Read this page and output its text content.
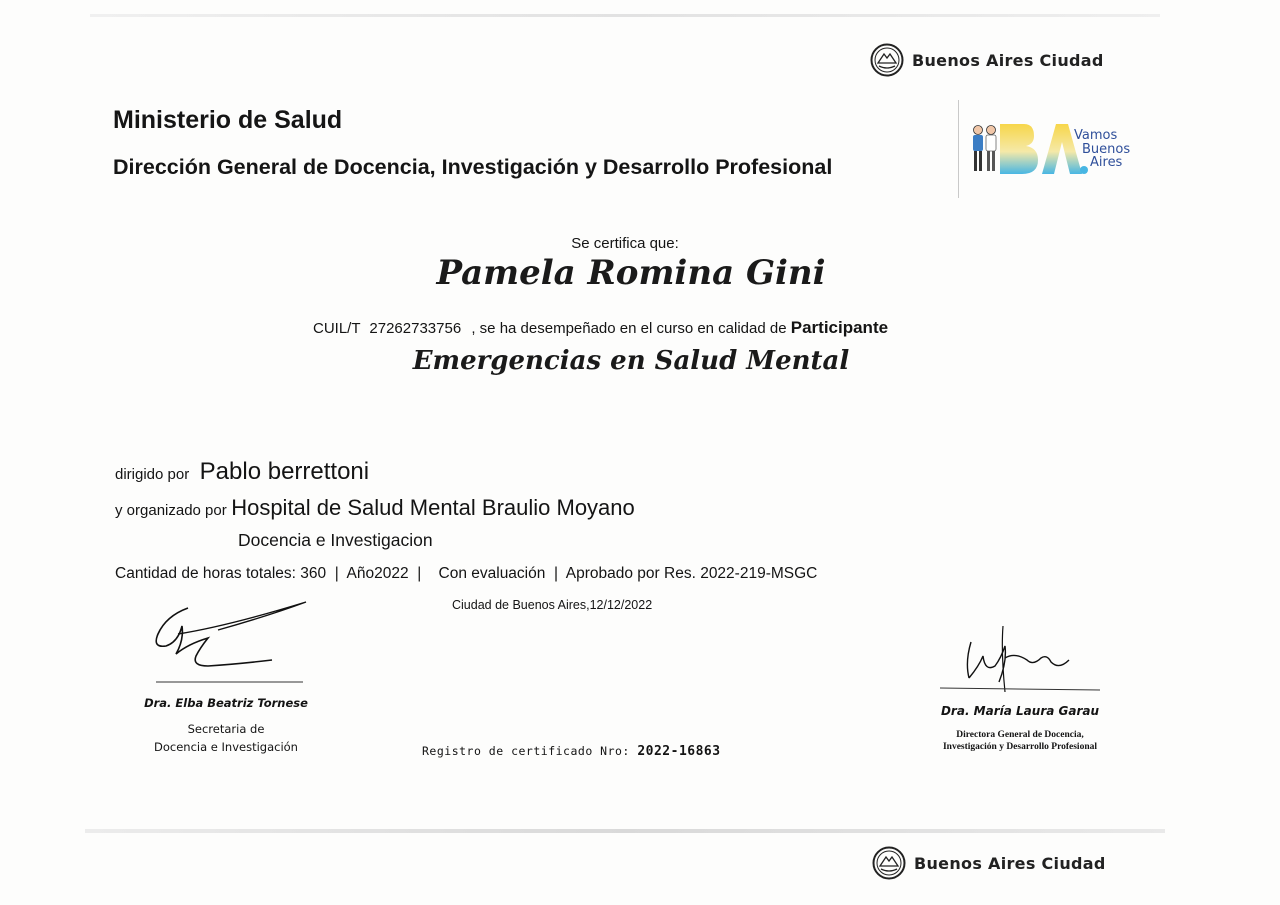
Buenos Aires Ciudad
Ministerio de Salud
Dirección General de Docencia, Investigación y Desarrollo Profesional
Vamos
Buenos
Aires
Se certifica que:
Pamela Romina Gini
CUIL/T 27262733756 , se ha desempeñado en el curso en calidad de Participante
Emergencias en Salud Mental
dirigido por Pablo berrettoni
y organizado por Hospital de Salud Mental Braulio Moyano
Docencia e Investigacion
Cantidad de horas totales: 360  |  Año2022  |    Con evaluación  |  Aprobado por Res. 2022-219-MSGC
Ciudad de Buenos Aires,12/12/2022
Dra. Elba Beatriz Tornese
Secretaria de
Docencia e Investigación	Registro de certificado Nro: 2022-16863
Dra. María Laura Garau
Directora General de Docencia,
Investigación y Desarrollo Profesional
Buenos Aires Ciudad
